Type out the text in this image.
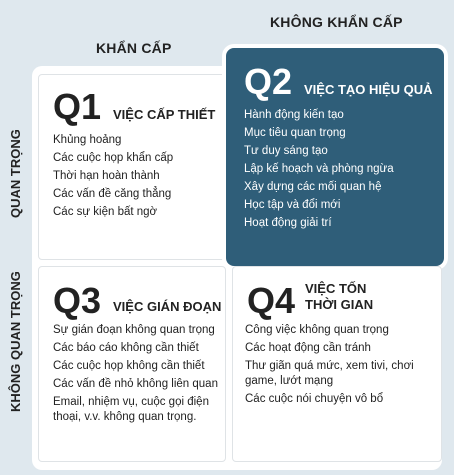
KHÔNG KHẨN CẤP
KHẨN CẤP
QUAN TRỌNG
KHÔNG QUAN TRỌNG
Q1 VIỆC CẤP THIẾT
Khủng hoảng
Các cuộc họp khẩn cấp
Thời hạn hoàn thành
Các vấn đề căng thẳng
Các sự kiện bất ngờ
Q2 VIỆC TẠO HIỆU QUẢ
Hành động kiến tạo
Mục tiêu quan trọng
Tư duy sáng tạo
Lập kế hoạch và phòng ngừa
Xây dựng các mối quan hệ
Học tập và đổi mới
Hoạt động giải trí
Q3 VIỆC GIÁN ĐOẠN
Sự gián đoạn không quan trọng
Các báo cáo không cần thiết
Các cuộc họp không cần thiết
Các vấn đề nhỏ không liên quan
Email, nhiệm vụ, cuộc gọi điện thoại, v.v. không quan trọng.
Q4 VIỆC TỐN
THỜI GIAN
Công việc không quan trọng
Các hoạt động cần tránh
Thư giãn quá mức, xem tivi, chơi game, lướt mạng
Các cuộc nói chuyện vô bổ
